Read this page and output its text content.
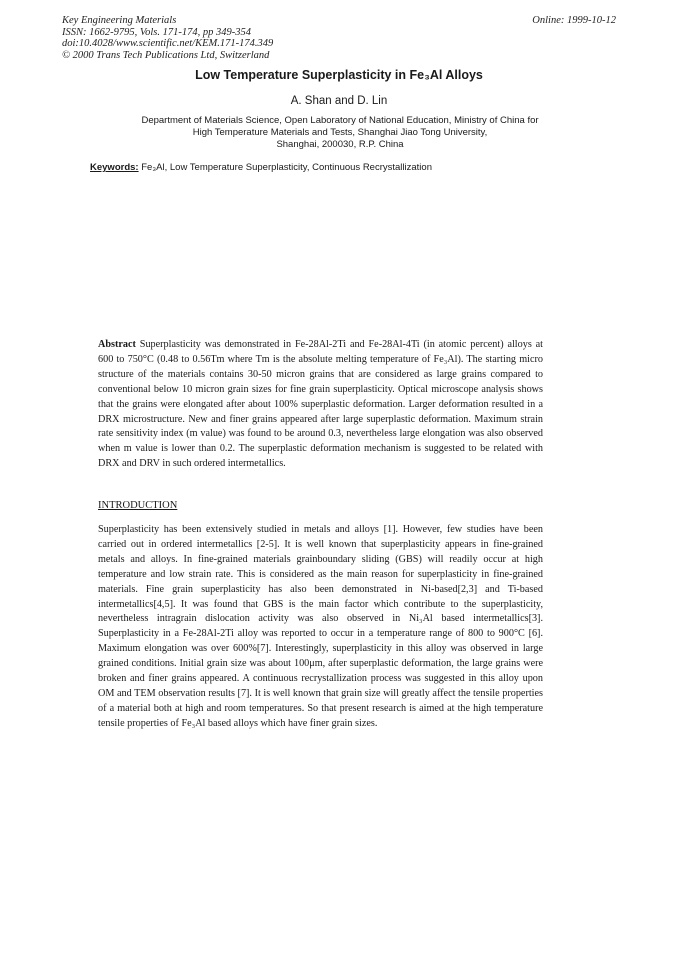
Key Engineering Materials
ISSN: 1662-9795, Vols. 171-174, pp 349-354
doi:10.4028/www.scientific.net/KEM.171-174.349
© 2000 Trans Tech Publications Ltd, Switzerland
Online: 1999-10-12
Low Temperature Superplasticity in Fe₃Al Alloys
A. Shan and D. Lin
Department of Materials Science, Open Laboratory of National Education, Ministry of China for
High Temperature Materials and Tests, Shanghai Jiao Tong University,
Shanghai, 200030, R.P. China
Keywords: Fe₃Al, Low Temperature Superplasticity, Continuous Recrystallization
Abstract Superplasticity was demonstrated in Fe-28Al-2Ti and Fe-28Al-4Ti (in atomic percent) alloys at 600 to 750°C (0.48 to 0.56Tm where Tm is the absolute melting temperature of Fe₃Al). The starting micro structure of the materials contains 30-50 micron grains that are considered as large grains compared to conventional below 10 micron grain sizes for fine grain superplasticity. Optical microscope analysis shows that the grains were elongated after about 100% superplastic deformation. Larger deformation resulted in a DRX microstructure. New and finer grains appeared after large superplastic deformation. Maximum strain rate sensitivity index (m value) was found to be around 0.3, nevertheless large elongation was also observed when m value is lower than 0.2. The superplastic deformation mechanism is suggested to be related with DRX and DRV in such ordered intermetallics.
INTRODUCTION
Superplasticity has been extensively studied in metals and alloys [1]. However, few studies have been carried out in ordered intermetallics [2-5]. It is well known that superplasticity appears in fine-grained metals and alloys. In fine-grained materials grainboundary sliding (GBS) will readily occur at high temperature and low strain rate. This is considered as the main reason for superplasticity in fine-grained materials. Fine grain superplasticity has also been demonstrated in Ni-based[2,3] and Ti-based intermetallics[4,5]. It was found that GBS is the main factor which contribute to the superplasticity, nevertheless intragrain dislocation activity was also observed in Ni₃Al based intermetallics[3]. Superplasticity in a Fe-28Al-2Ti alloy was reported to occur in a temperature range of 800 to 900°C [6]. Maximum elongation was over 600%[7]. Interestingly, superplasticity in this alloy was observed in large grained conditions. Initial grain size was about 100μm, after superplastic deformation, the large grains were broken and finer grains appeared. A continuous recrystallization process was suggested in this alloy upon OM and TEM observation results [7]. It is well known that grain size will greatly affect the tensile properties of a material both at high and room temperatures. So that present research is aimed at the high temperature tensile properties of Fe₃Al based alloys which have finer grain sizes.
